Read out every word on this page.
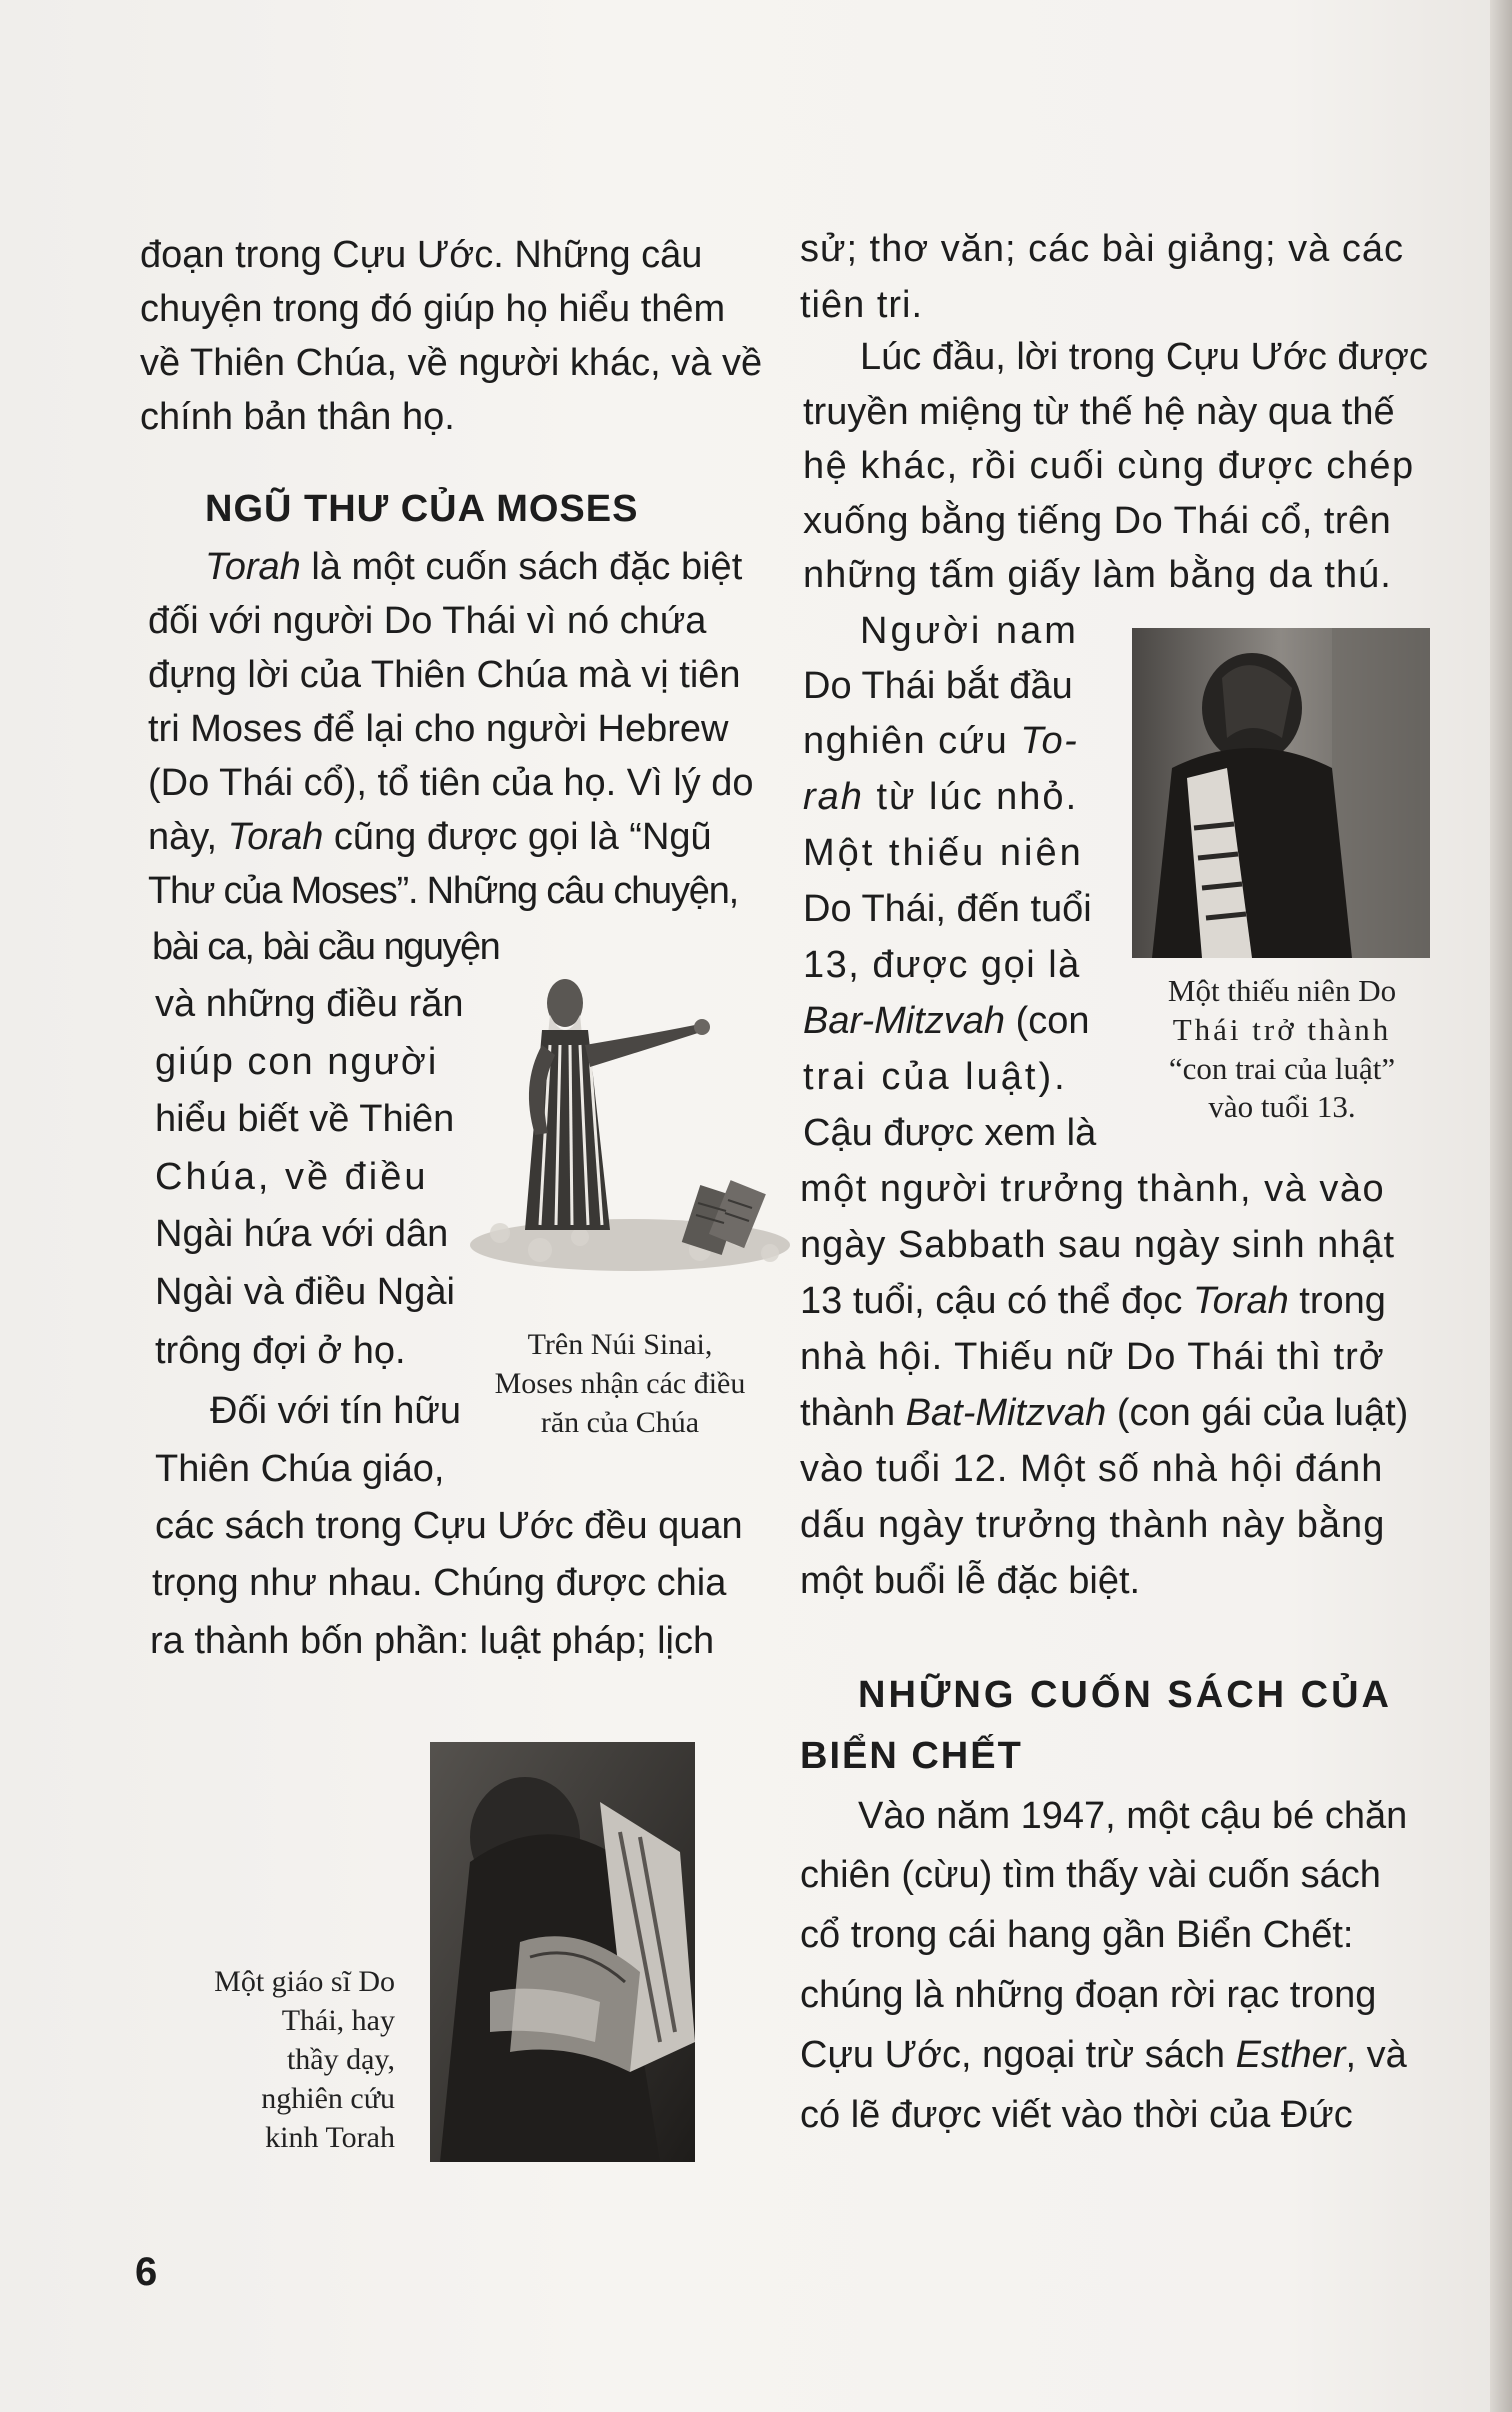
đoạn trong Cựu Ước. Những câu
chuyện trong đó giúp họ hiểu thêm
về Thiên Chúa, về người khác, và về
chính bản thân họ.
NGŨ THƯ CỦA MOSES
Torah là một cuốn sách đặc biệt
đối với người Do Thái vì nó chứa
đựng lời của Thiên Chúa mà vị tiên
tri Moses để lại cho người Hebrew
(Do Thái cổ), tổ tiên của họ. Vì lý do
này, Torah cũng được gọi là “Ngũ
Thư của Moses”. Những câu chuyện,
bài ca, bài cầu nguyện
và những điều răn
giúp con người
hiểu biết về Thiên
Chúa, về điều
Ngài hứa với dân
Ngài và điều Ngài
trông đợi ở họ.	Trên Núi Sinai,
Moses nhận các điều
răn của Chúa
Đối với tín hữu
Thiên Chúa giáo,
các sách trong Cựu Ước đều quan
trọng như nhau. Chúng được chia
ra thành bốn phần: luật pháp; lịch
Một giáo sĩ Do
Thái, hay
thầy dạy,
nghiên cứu
kinh Torah
sử; thơ văn; các bài giảng; và các
tiên tri.
Lúc đầu, lời trong Cựu Ước được
truyền miệng từ thế hệ này qua thế
hệ khác, rồi cuối cùng được chép
xuống bằng tiếng Do Thái cổ, trên
những tấm giấy làm bằng da thú.
Người nam
Do Thái bắt đầu
nghiên cứu To-
rah từ lúc nhỏ.
Một thiếu niên
Do Thái, đến tuổi
13, được gọi là
Bar-Mitzvah (con
trai của luật).
Cậu được xem là
một người trưởng thành, và vào
ngày Sabbath sau ngày sinh nhật
13 tuổi, cậu có thể đọc Torah trong
nhà hội. Thiếu nữ Do Thái thì trở
thành Bat-Mitzvah (con gái của luật)
vào tuổi 12. Một số nhà hội đánh
dấu ngày trưởng thành này bằng
một buổi lễ đặc biệt.
Một thiếu niên Do
Thái trở thành
“con trai của luật”
vào tuổi 13.
NHỮNG CUỐN SÁCH CỦA
BIỂN CHẾT
Vào năm 1947, một cậu bé chăn
chiên (cừu) tìm thấy vài cuốn sách
cổ trong cái hang gần Biển Chết:
chúng là những đoạn rời rạc trong
Cựu Ước, ngoại trừ sách Esther, và
có lẽ được viết vào thời của Đức
6
